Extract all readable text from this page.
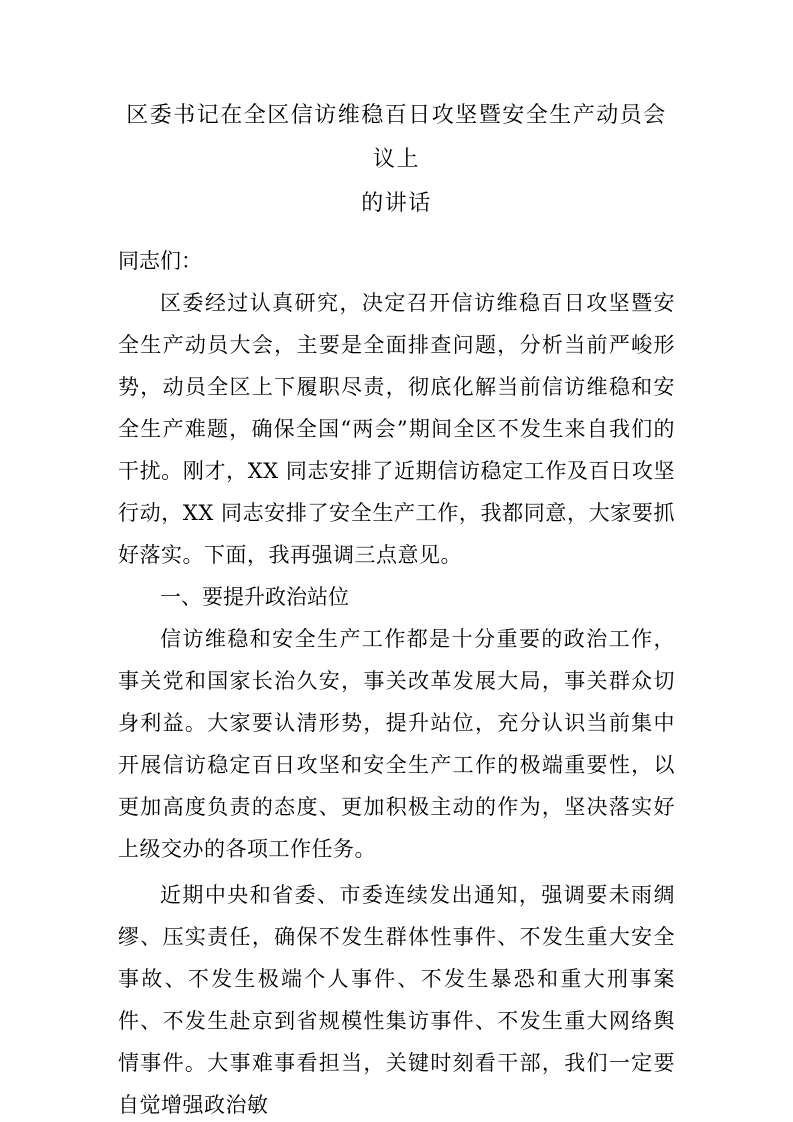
区委书记在全区信访维稳百日攻坚暨安全生产动员会议上
的讲话

同志们：

区委经过认真研究，决定召开信访维稳百日攻坚暨安全生产动员大会，主要是全面排查问题，分析当前严峻形势，动员全区上下履职尽责，彻底化解当前信访维稳和安全生产难题，确保全国“两会”期间全区不发生来自我们的干扰。刚才，XX 同志安排了近期信访稳定工作及百日攻坚行动，XX 同志安排了安全生产工作，我都同意，大家要抓好落实。下面，我再强调三点意见。

一、要提升政治站位

信访维稳和安全生产工作都是十分重要的政治工作，事关党和国家长治久安，事关改革发展大局，事关群众切身利益。大家要认清形势，提升站位，充分认识当前集中开展信访稳定百日攻坚和安全生产工作的极端重要性，以更加高度负责的态度、更加积极主动的作为，坚决落实好上级交办的各项工作任务。

近期中央和省委、市委连续发出通知，强调要未雨绸缪、压实责任，确保不发生群体性事件、不发生重大安全事故、不发生极端个人事件、不发生暴恐和重大刑事案件、不发生赴京到省规模性集访事件、不发生重大网络舆情事件。大事难事看担当，关键时刻看干部，我们一定要自觉增强政治敏
